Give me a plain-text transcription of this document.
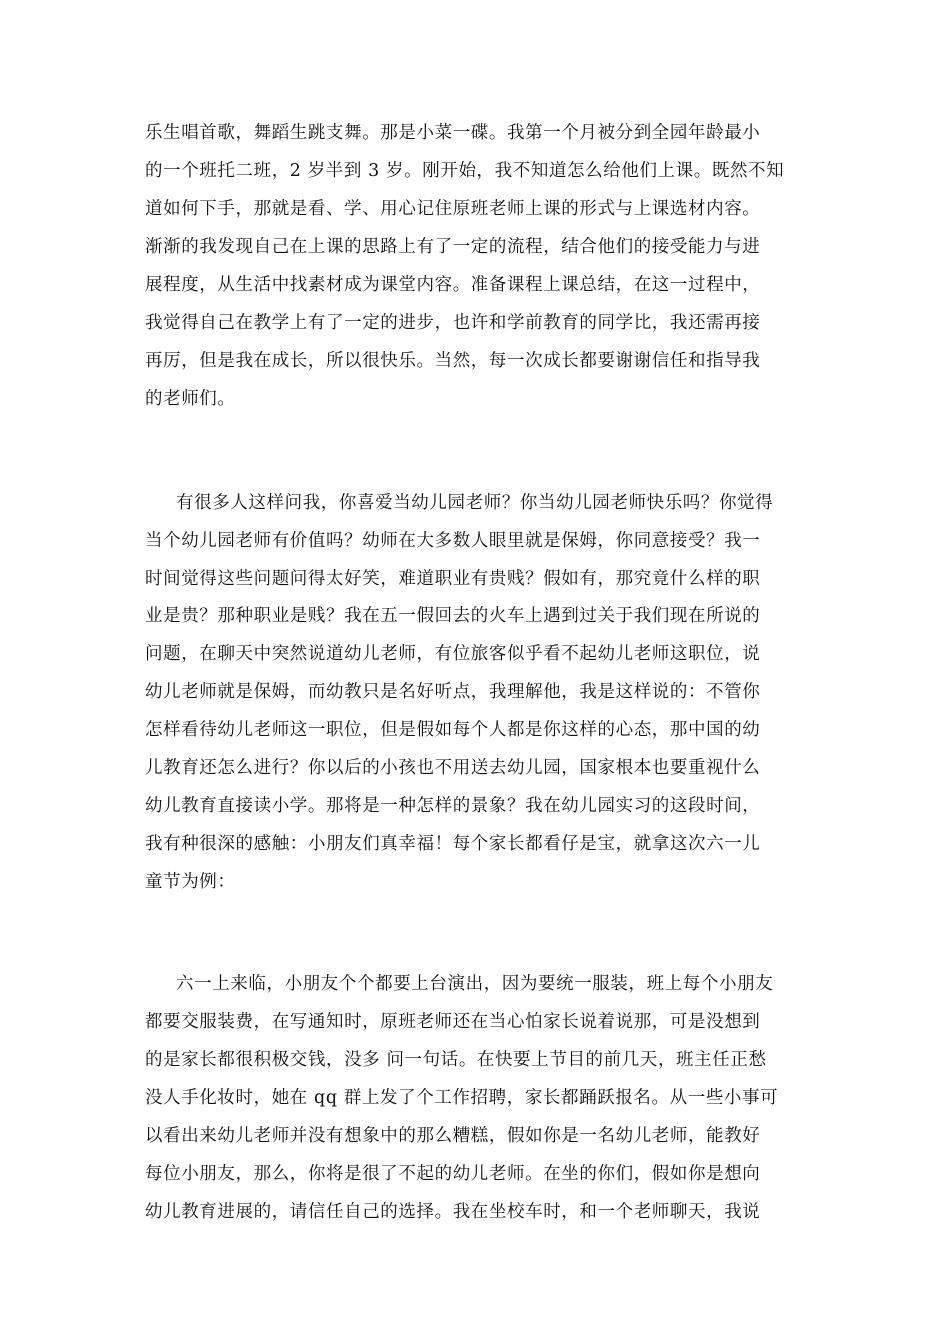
乐生唱首歌，舞蹈生跳支舞。那是小菜一碟。我第一个月被分到全园年龄最小
的一个班托二班，2 岁半到 3 岁。刚开始，我不知道怎么给他们上课。既然不知
道如何下手，那就是看、学、用心记住原班老师上课的形式与上课选材内容。
渐渐的我发现自己在上课的思路上有了一定的流程，结合他们的接受能力与进
展程度，从生活中找素材成为课堂内容。准备课程上课总结，在这一过程中，
我觉得自己在教学上有了一定的进步，也许和学前教育的同学比，我还需再接
再厉，但是我在成长，所以很快乐。当然，每一次成长都要谢谢信任和指导我
的老师们。
有很多人这样问我，你喜爱当幼儿园老师？你当幼儿园老师快乐吗？你觉得
当个幼儿园老师有价值吗？幼师在大多数人眼里就是保姆，你同意接受？我一
时间觉得这些问题问得太好笑，难道职业有贵贱？假如有，那究竟什么样的职
业是贵？那种职业是贱？我在五一假回去的火车上遇到过关于我们现在所说的
问题，在聊天中突然说道幼儿老师，有位旅客似乎看不起幼儿老师这职位，说
幼儿老师就是保姆，而幼教只是名好听点，我理解他，我是这样说的：不管你
怎样看待幼儿老师这一职位，但是假如每个人都是你这样的心态，那中国的幼
儿教育还怎么进行？你以后的小孩也不用送去幼儿园，国家根本也要重视什么
幼儿教育直接读小学。那将是一种怎样的景象？我在幼儿园实习的这段时间，
我有种很深的感触：小朋友们真幸福！每个家长都看仔是宝，就拿这次六一儿
童节为例：
六一上来临，小朋友个个都要上台演出，因为要统一服装，班上每个小朋友
都要交服装费，在写通知时，原班老师还在当心怕家长说着说那，可是没想到
的是家长都很积极交钱，没多 问一句话。在快要上节目的前几天，班主任正愁
没人手化妆时，她在 qq 群上发了个工作招聘，家长都踊跃报名。从一些小事可
以看出来幼儿老师并没有想象中的那么糟糕，假如你是一名幼儿老师，能教好
每位小朋友，那么，你将是很了不起的幼儿老师。在坐的你们，假如你是想向
幼儿教育进展的，请信任自己的选择。我在坐校车时，和一个老师聊天，我说
